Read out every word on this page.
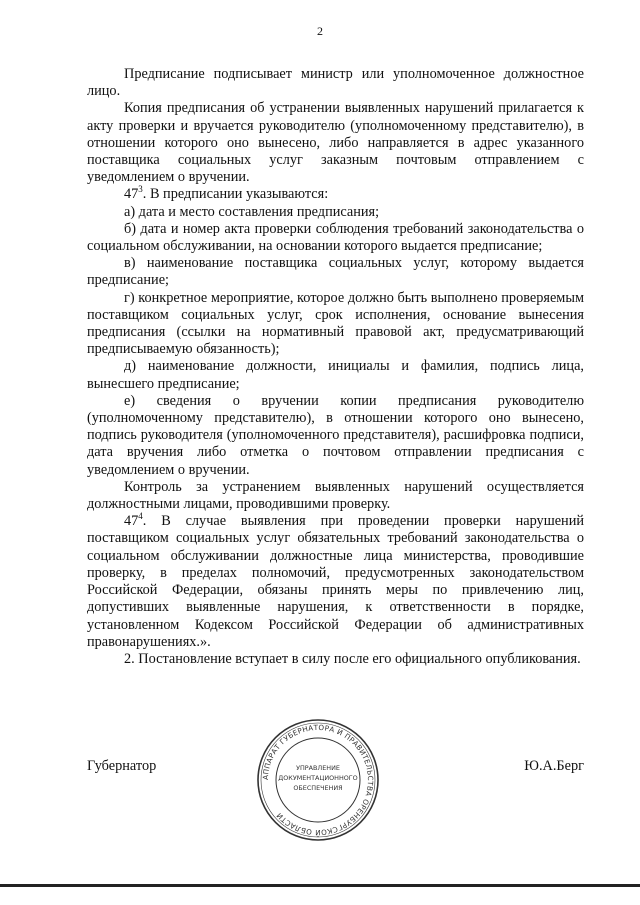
2

Предписание подписывает министр или уполномоченное должностное лицо.

Копия предписания об устранении выявленных нарушений прилагается к акту проверки и вручается руководителю (уполномоченному представителю), в отношении которого оно вынесено, либо направляется в адрес указанного поставщика социальных услуг заказным почтовым отправлением с уведомлением о вручении.

$47^3$. В предписании указываются:

а) дата и место составления предписания;

б) дата и номер акта проверки соблюдения требований законодательства о социальном обслуживании, на основании которого выдается предписание;

в) наименование поставщика социальных услуг, которому выдается предписание;

г) конкретное мероприятие, которое должно быть выполнено проверяемым поставщиком социальных услуг, срок исполнения, основание вынесения предписания (ссылки на нормативный правовой акт, предусматривающий предписываемую обязанность);

д) наименование должности, инициалы и фамилия, подпись лица, вынесшего предписание;

е) сведения о вручении копии предписания руководителю (уполномоченному представителю), в отношении которого оно вынесено, подпись руководителя (уполномоченного представителя), расшифровка подписи, дата вручения либо отметка о почтовом отправлении предписания с уведомлением о вручении.

Контроль за устранением выявленных нарушений осуществляется должностными лицами, проводившими проверку.

$47^4$. В случае выявления при проведении проверки нарушений поставщиком социальных услуг обязательных требований законодательства о социальном обслуживании должностные лица министерства, проводившие проверку, в пределах полномочий, предусмотренных законодательством Российской Федерации, обязаны принять меры по привлечению лиц, допустивших выявленные нарушения, к ответственности в порядке, установленном Кодексом Российской Федерации об административных правонарушениях.».

2. Постановление вступает в силу после его официального опубликования.

Губернатор	Ю.А.Берг
АППАРАТ ГУБЕРНАТОРА И ПРАВИТЕЛЬСТВА ОРЕНБУРГСКОЙ ОБЛАСТИ
УПРАВЛЕНИЕ
ДОКУМЕНТАЦИОННОГО
ОБЕСПЕЧЕНИЯ
